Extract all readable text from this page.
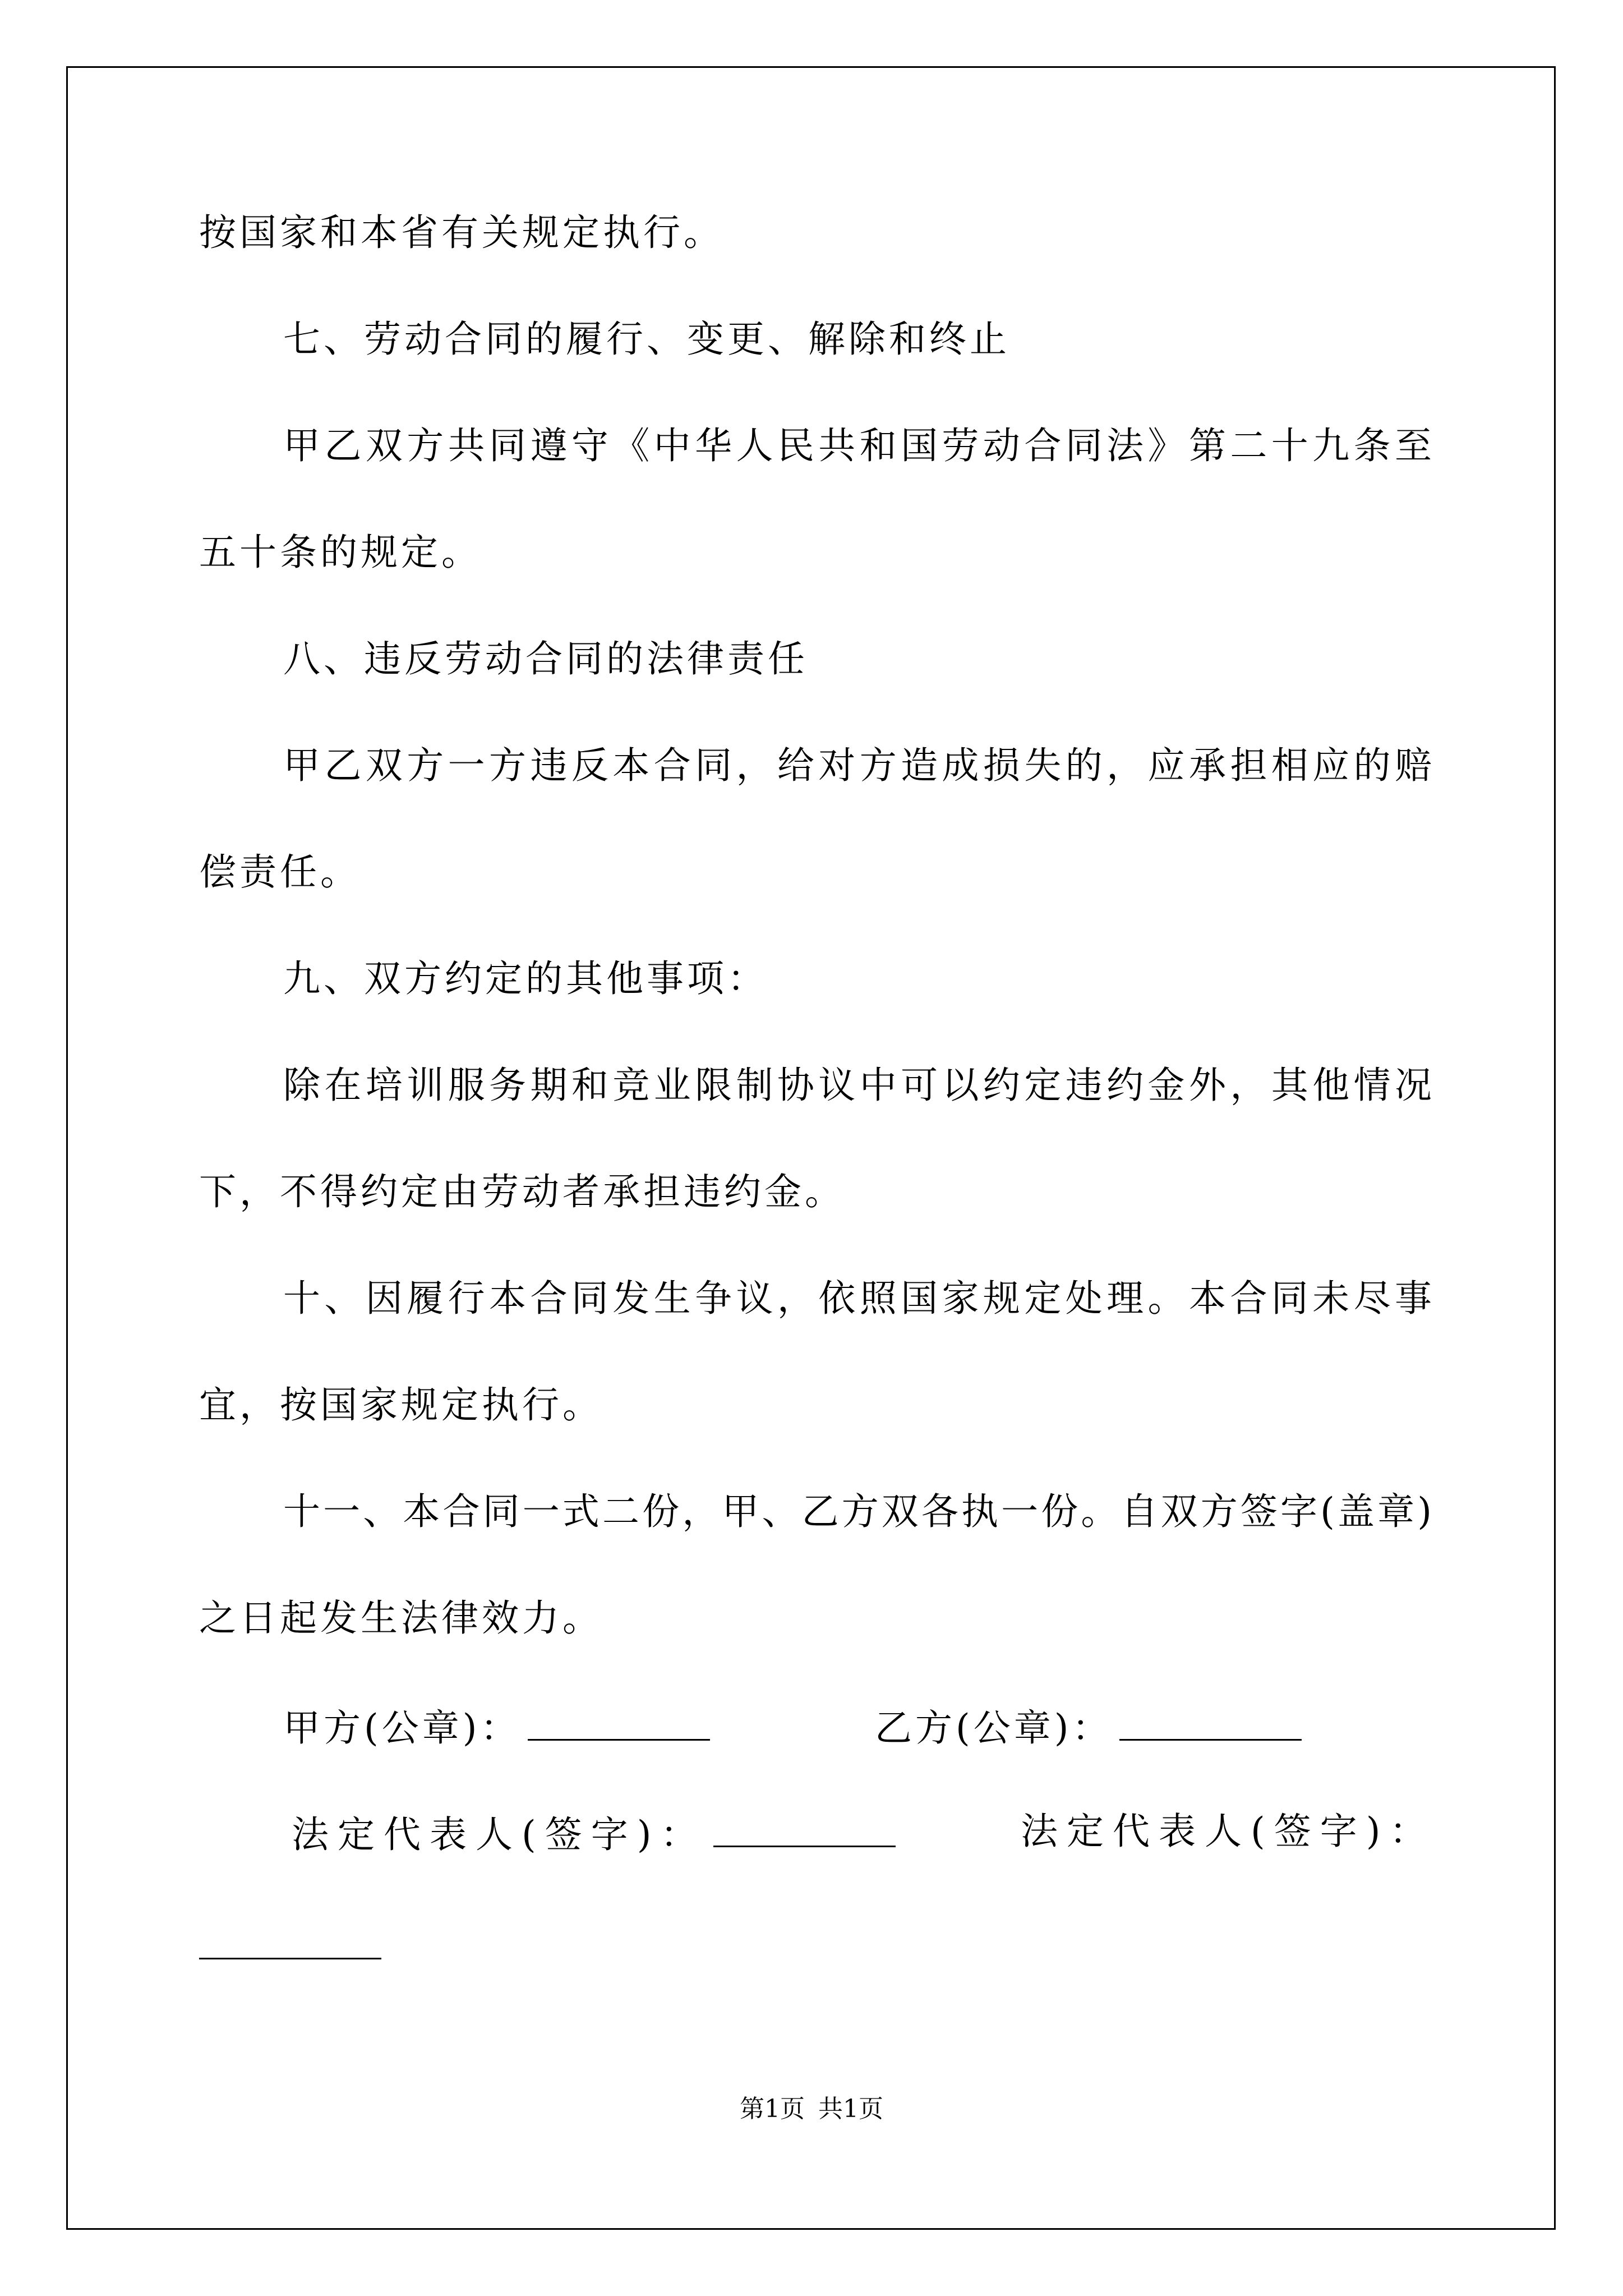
按国家和本省有关规定执行。
七、劳动合同的履行、变更、解除和终止
甲乙双方共同遵守《中华人民共和国劳动合同法》第二十九条至
五十条的规定。
八、违反劳动合同的法律责任
甲乙双方一方违反本合同，给对方造成损失的，应承担相应的赔
偿责任。
九、双方约定的其他事项：
除在培训服务期和竞业限制协议中可以约定违约金外，其他情况
下，不得约定由劳动者承担违约金。
十、因履行本合同发生争议，依照国家规定处理。本合同未尽事
宜，按国家规定执行。
十一、本合同一式二份，甲、乙方双各执一份。自双方签字(盖章)
之日起发生法律效力。
甲方(公章)：	乙方(公章)：
法定代表人(签字)：	法定代表人(签字)：
第1页 共1页
